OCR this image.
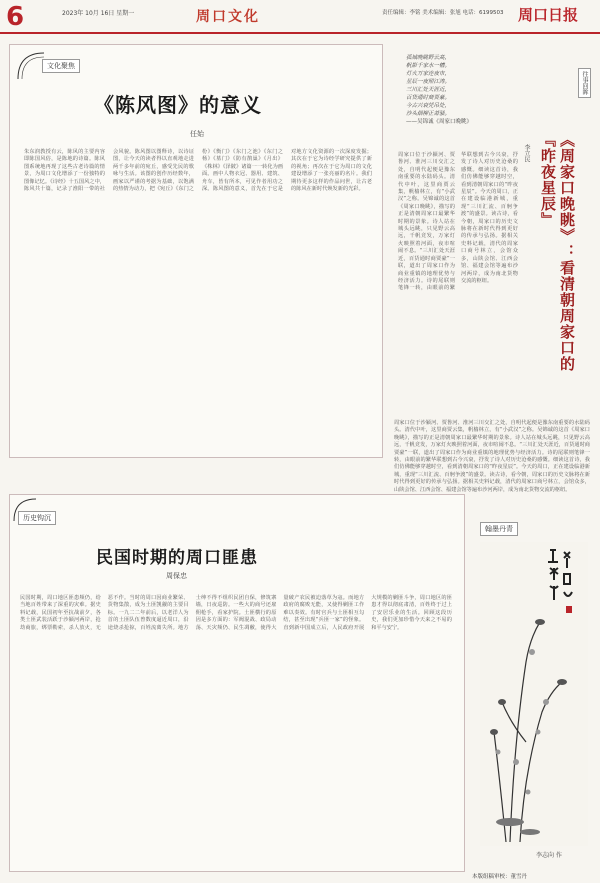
6	2023年 10月 16日 星期一	周口文化	责任编辑：李铭 美术编辑：张旭 电话：6199503 周口日报
文化聚焦
《陈风图》的意义
任始
朱东润教授有云，陈风的主要内容即陈国风俗，是陈地的诗篇。陈风图系统地再现了这些古老诗篇的情景，为周口文化增添了一份独特的图像记忆。《诗经》十五国风之中，陈风共十篇，记录了淮阳一带的社会风貌。陈风图以图释诗，以诗证图，让今天的读者得以直观地走进两千多年前的宛丘，感受先民的歌咏与生活。该图的创作历经数年，画家以严谨的考据为基础，以饱满的热情为动力，把《宛丘》《东门之枌》《衡门》《东门之池》《东门之杨》《墓门》《防有鹊巢》《月出》《株林》《泽陂》诸篇一一转化为画面。画中人物衣冠、器用、建筑、舟车，皆有所本，可见作者用功之深。陈风图的意义，首先在于它是对地方文化资源的一次深度发掘；其次在于它为诗经学研究提供了新的视角；再次在于它为周口的文化建设增添了一张亮丽的名片。我们期待更多这样的作品问世，让古老的陈风在新时代焕发新的光彩。
往事回眸
孤城晚眺野云高，
帆影千家水一槽。
灯火万家连夜市，
星辰一夜照江涛。
三川汇处天涯近，
百货通时商贾豪。
今古兴衰凭吊处，
沙头烟柳正萧骚。
——吴锦诚《周家口晚眺》
《周家口晚眺》：看清朝周家口的『昨夜星辰』
李立民
周家口位于沙颍河、贾鲁河、淮河三川交汇之处，自明代起便是豫东南重要的水陆码头。清代中叶，这里商贾云集，帆樯林立，有“小武汉”之称。吴锦诚的这首《周家口晚眺》，描写的正是清朝周家口最繁华时期的景象。诗人站在城头远眺，只见野云高远，千帆竞发，万家灯火映照着河面，夜市喧闹不息。“三川汇处天涯近，百货通时商贾豪”一联，道出了周家口作为商业重镇的地理优势与经济活力。诗的尾联则笔锋一转，由眼前的繁华联想到古今兴衰，抒发了诗人对历史沧桑的感慨。细读这首诗，我们仿佛能够穿越时空，看到清朝周家口的“昨夜星辰”。今天的周口，正在建设临港新城，重现“三川汇流、百舸争渡”的盛景。读古诗，看今朝，周家口的历史文脉将在新时代得到更好的传承与弘扬。据相关史料记载，清代的周家口商号林立，会馆众多，山陕会馆、江西会馆、福建会馆等遍布沙河两岸，成为南北货物交流的枢纽。
周家口位于沙颍河、贾鲁河、淮河三川交汇之处，自明代起便是豫东南重要的水陆码头。清代中叶，这里商贾云集，帆樯林立，有“小武汉”之称。吴锦诚的这首《周家口晚眺》，描写的正是清朝周家口最繁华时期的景象。诗人站在城头远眺，只见野云高远，千帆竞发，万家灯火映照着河面，夜市喧闹不息。“三川汇处天涯近，百货通时商贾豪”一联，道出了周家口作为商业重镇的地理优势与经济活力。诗的尾联则笔锋一转，由眼前的繁华联想到古今兴衰，抒发了诗人对历史沧桑的感慨。细读这首诗，我们仿佛能够穿越时空，看到清朝周家口的“昨夜星辰”。今天的周口，正在建设临港新城，重现“三川汇流、百舸争渡”的盛景。读古诗，看今朝，周家口的历史文脉将在新时代得到更好的传承与弘扬。据相关史料记载，清代的周家口商号林立，会馆众多，山陕会馆、江西会馆、福建会馆等遍布沙河两岸，成为南北货物交流的枢纽。
历史钩沉
民国时期的周口匪患
周保忠
民国时期，周口地区匪患频仍，给当地百姓带来了深重的灾难。据史料记载，民国初年至抗战前夕，各类土匪武装活跃于沙颍河两岸，抢劫商旅，绑票勒索，杀人放火，无恶不作。当时的周口因商业繁荣、货物集散，成为土匪觊觎的主要目标。一九二二年前后，以老洋人为首的土匪队伍曾数度逼近周口，沿途烧杀抢掠，百姓流离失所。地方士绅不得不组织民团自保，修筑寨墙，日夜巡防。一些大的商号还雇佣枪手，看家护院。土匪横行的原因是多方面的：军阀混战、政局动荡、天灾频仍、民生凋敝，使得大量破产农民被迫落草为寇。而地方政府的腐败无能，又使得剿匪工作难以奏效。有时官兵与土匪相互勾结，甚至出现“兵匪一家”的怪象。直到新中国成立后，人民政府开展大规模的剿匪斗争，周口地区的匪患才得以彻底肃清，百姓终于过上了安居乐业的生活。回顾这段历史，我们更加珍惜今天来之不易的和平与安宁。
翰墨丹青
李志向 作
本版组稿审校：董雪丹
